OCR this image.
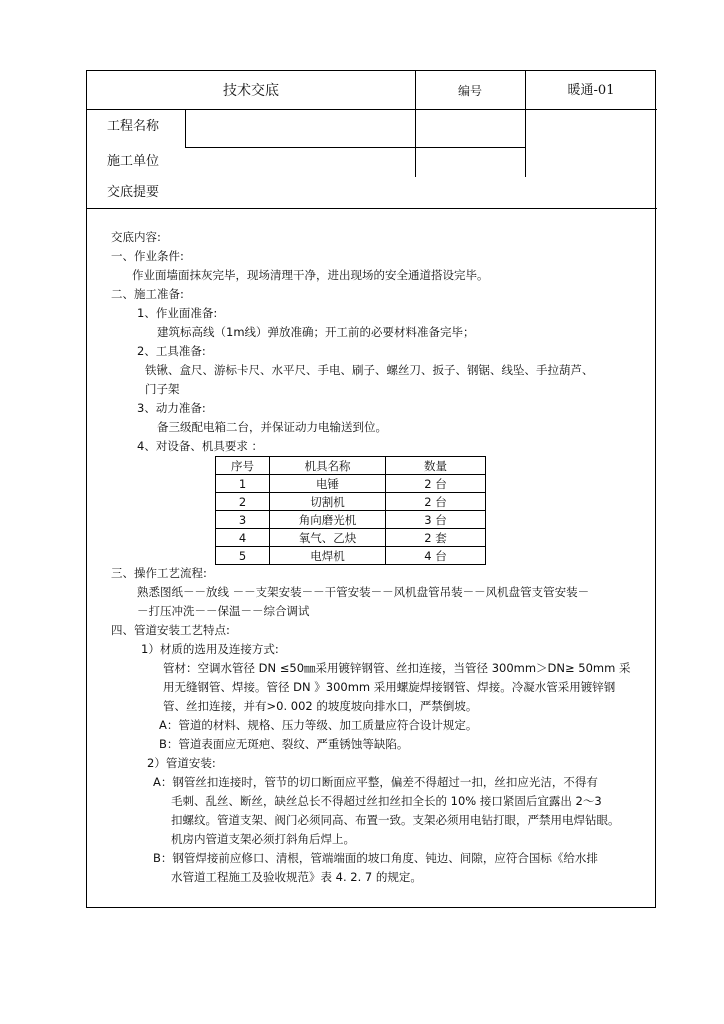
技术交底	编号	暖通-01
工程名称
施工单位
交底提要
交底内容:
一、作业条件:
作业面墙面抹灰完毕，现场清理干净，进出现场的安全通道搭设完毕。
二、施工准备:
1、作业面准备:
建筑标高线（1m线）弹放准确；开工前的必要材料准备完毕；
2、工具准备:
铁锹、盒尺、游标卡尺、水平尺、手电、刷子、螺丝刀、扳子、钢锯、线坠、手拉葫芦、
门子架
3、动力准备:
备三级配电箱二台，并保证动力电输送到位。
4、对设备、机具要求 ：
序号	机具名称	数量
1	电锤	2 台
2	切割机	2 台
3	角向磨光机	3 台
4	氧气、乙炔	2 套
5	电焊机	4 台
三、操作工艺流程:
熟悉图纸－－放线 －－支架安装－－干管安装－－风机盘管吊装－－风机盘管支管安装－
－打压冲洗－－保温－－综合调试
四、管道安装工艺特点:
1）材质的选用及连接方式:
管材：空调水管径 DN ≤50㎜采用镀锌钢管、丝扣连接，当管径 300mm＞DN≥ 50mm 采
用无缝钢管、焊接。管径 DN 》300mm 采用螺旋焊接钢管、焊接。冷凝水管采用镀锌钢
管、丝扣连接，并有>0. 002 的坡度坡向排水口，严禁倒坡。
A：管道的材料、规格、压力等级、加工质量应符合设计规定。
B：管道表面应无斑疤、裂纹、严重锈蚀等缺陷。
2）管道安装:
A：钢管丝扣连接时，管节的切口断面应平整，偏差不得超过一扣，丝扣应光洁，不得有
毛刺、乱丝、断丝，缺丝总长不得超过丝扣丝扣全长的 10% 接口紧固后宜露出 2～3
扣螺纹。管道支架、阀门必须同高、布置一致。支架必须用电钻打眼，严禁用电焊钻眼。
机房内管道支架必须打斜角后焊上。
B：钢管焊接前应修口、清根，管端端面的坡口角度、钝边、间隙，应符合国标《给水排
水管道工程施工及验收规范》表 4. 2. 7 的规定。
